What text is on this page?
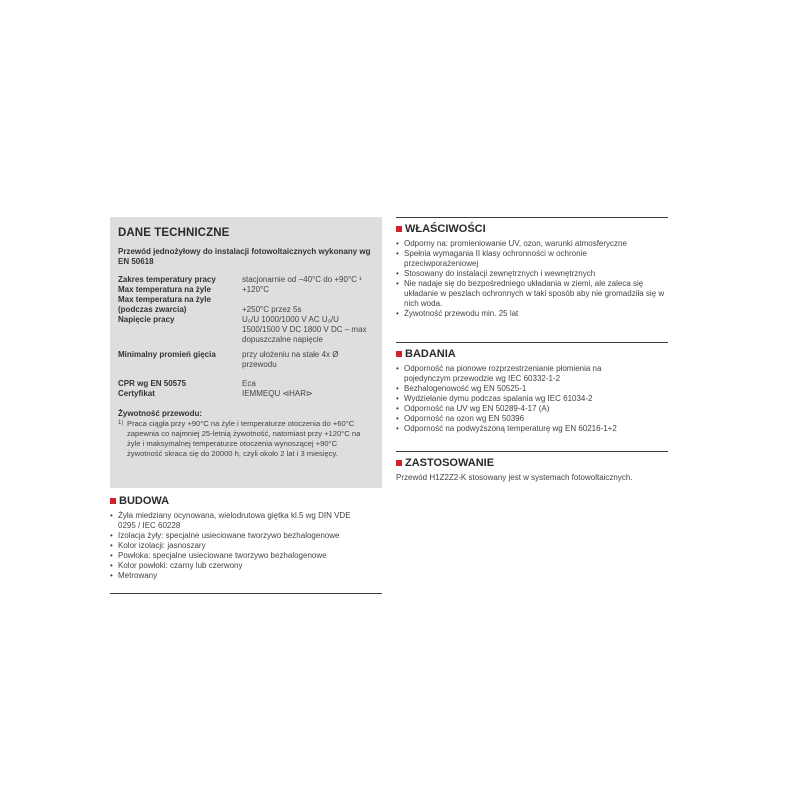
DANE TECHNICZNE
Przewód jednożyłowy do instalacji fotowoltaicznych wykonany wg EN 50618
Zakres temperatury pracy	stacjonarnie od −40°C do +90°C ¹
Max temperatura na żyle	+120°C
Max temperatura na żyle (podczas zwarcia)	+250°C przez 5s
Napięcie pracy	U₀/U 1000/1000 V AC U₀/U 1500/1500 V DC 1800 V DC – max dopuszczalne napięcie
Minimalny promień gięcia	przy ułożeniu na stałe 4x Ø przewodu
CPR wg EN 50575	Eca
Certyfikat	IEMMEQU ⊲HAR⊳
Żywotność przewodu:
1) Praca ciągła przy +90°C na żyle i temperaturze otoczenia do +60°C zapewnia co najmniej 25-letnią żywotność, natomiast przy +120°C na żyle i maksymalnej temperaturze otoczenia wynoszącej +90°C żywotność skraca się do 20000 h, czyli około 2 lat i 3 miesięcy.
BUDOWA
• Żyła miedziany ocynowana, wielodrutowa giętka kl.5 wg DIN VDE 0295 / IEC 60228
• Izolacja żyły: specjalne usieciowane tworzywo bezhalogenowe
• Kolor izolacji: jasnoszary
• Powłoka: specjalne usieciowane tworzywo bezhalogenowe
• Kolor powłoki: czarny lub czerwony
• Metrowany
WŁAŚCIWOŚCI
• Odporny na: promieniowanie UV, ozon, warunki atmosferyczne
• Spełnia wymagania II klasy ochronności w ochronie przeciwporażeniowej
• Stosowany do instalacji zewnętrznych i wewnętrznych
• Nie nadaje się do bezpośredniego układania w ziemi, ale zaleca się układanie w peszlach ochronnych w taki sposób aby nie gromadziła się w nich woda.
• Żywotność przewodu min. 25 lat
BADANIA
• Odporność na pionowe rozprzestrzenianie płomienia na pojedynczym przewodzie wg IEC 60332-1-2
• Bezhalogenowość wg EN 50525-1
• Wydzielanie dymu podczas spalania wg IEC 61034-2
• Odporność na UV wg EN 50289-4-17 (A)
• Odporność na ozon wg EN 50396
• Odporność na podwyższoną temperaturę wg EN 60216-1+2
ZASTOSOWANIE
Przewód H1Z2Z2-K stosowany jest w systemach fotowoltaicznych.
